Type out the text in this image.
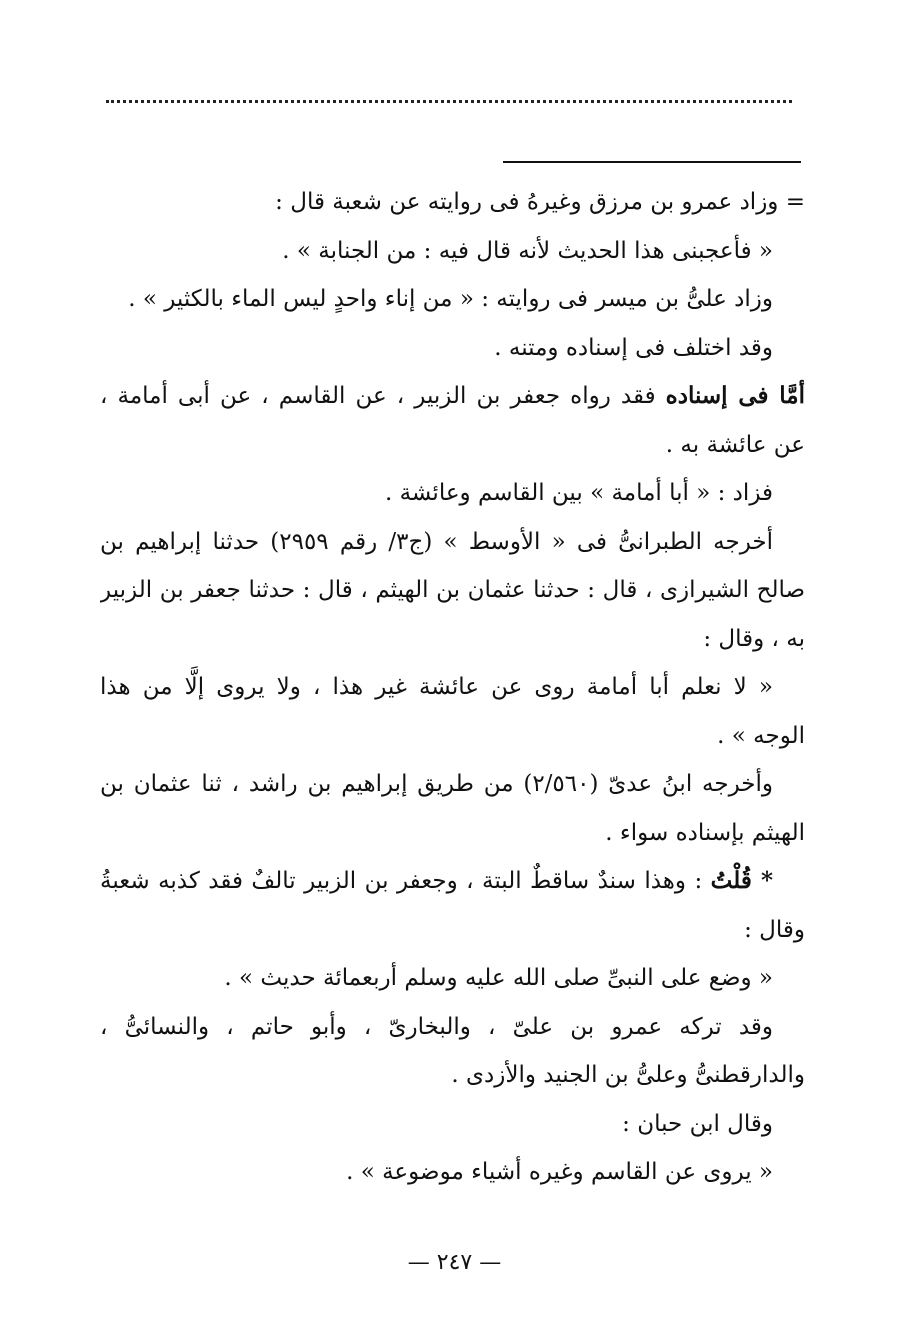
= وزاد عمرو بن مرزق وغيرهُ فى روايته عن شعبة قال :
« فأعجبنى هذا الحديث لأنه قال فيه : من الجنابة » .
وزاد علىُّ بن ميسر فى روايته : « من إناء واحدٍ ليس الماء بالكثير » .
وقد اختلف فى إسناده ومتنه .
أمَّا فى إسناده فقد رواه جعفر بن الزبير ، عن القاسم ، عن أبى أمامة ،
عن عائشة به .
فزاد : « أبا أمامة » بين القاسم وعائشة .
أخرجه الطبرانىُّ فى « الأوسط » (ج٣/ رقم ٢٩٥٩) حدثنا إبراهيم بن
صالح الشيرازى ، قال : حدثنا عثمان بن الهيثم ، قال : حدثنا جعفر بن الزبير
به ، وقال :
« لا نعلم أبا أمامة روى عن عائشة غير هذا ، ولا يروى إلَّا من هذا
الوجه » .
وأخرجه ابنُ عدىّ (٢/٥٦٠) من طريق إبراهيم بن راشد ، ثنا عثمان بن
الهيثم بإسناده سواء .
* قُلْتُ : وهذا سندٌ ساقطٌ البتة ، وجعفر بن الزبير تالفٌ فقد كذبه شعبةُ
وقال :
« وضع على النبىِّ صلى الله عليه وسلم أربعمائة حديث » .
وقد تركه عمرو بن علىّ ، والبخارىّ ، وأبو حاتم ، والنسائىُّ ،
والدارقطنىُّ وعلىُّ بن الجنيد والأزدى .
وقال ابن حبان :
« يروى عن القاسم وغيره أشياء موضوعة » .
— ٢٤٧ —
